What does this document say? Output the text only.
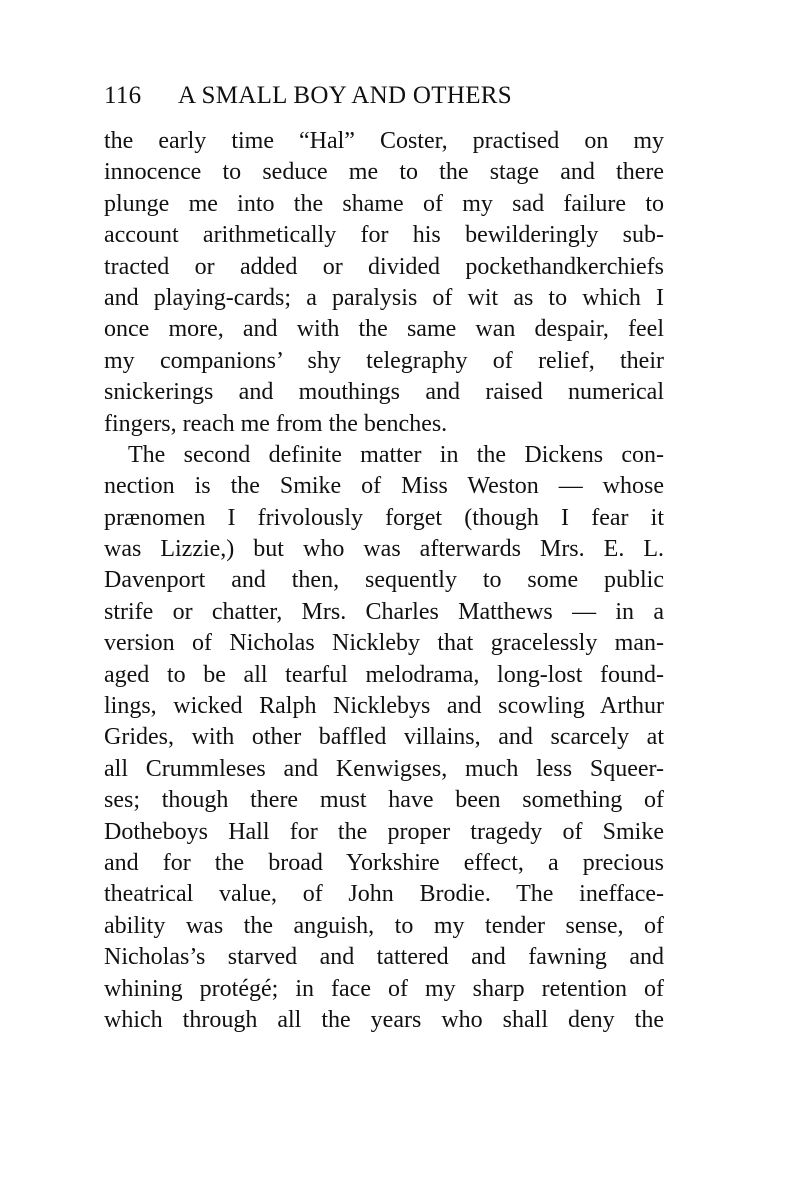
116 A SMALL BOY AND OTHERS
the early time “Hal” Coster, practised on my
innocence to seduce me to the stage and there
plunge me into the shame of my sad failure to
account arithmetically for his bewilderingly sub-
tracted or added or divided pockethandkerchiefs
and playing-cards; a paralysis of wit as to which I
once more, and with the same wan despair, feel
my companions’ shy telegraphy of relief, their
snickerings and mouthings and raised numerical
fingers, reach me from the benches.
The second definite matter in the Dickens con-
nection is the Smike of Miss Weston — whose
prænomen I frivolously forget (though I fear it
was Lizzie,) but who was afterwards Mrs. E. L.
Davenport and then, sequently to some public
strife or chatter, Mrs. Charles Matthews — in a
version of Nicholas Nickleby that gracelessly man-
aged to be all tearful melodrama, long-lost found-
lings, wicked Ralph Nicklebys and scowling Arthur
Grides, with other baffled villains, and scarcely at
all Crummleses and Kenwigses, much less Squeer-
ses; though there must have been something of
Dotheboys Hall for the proper tragedy of Smike
and for the broad Yorkshire effect, a precious
theatrical value, of John Brodie. The inefface-
ability was the anguish, to my tender sense, of
Nicholas’s starved and tattered and fawning and
whining protégé; in face of my sharp retention of
which through all the years who shall deny the
